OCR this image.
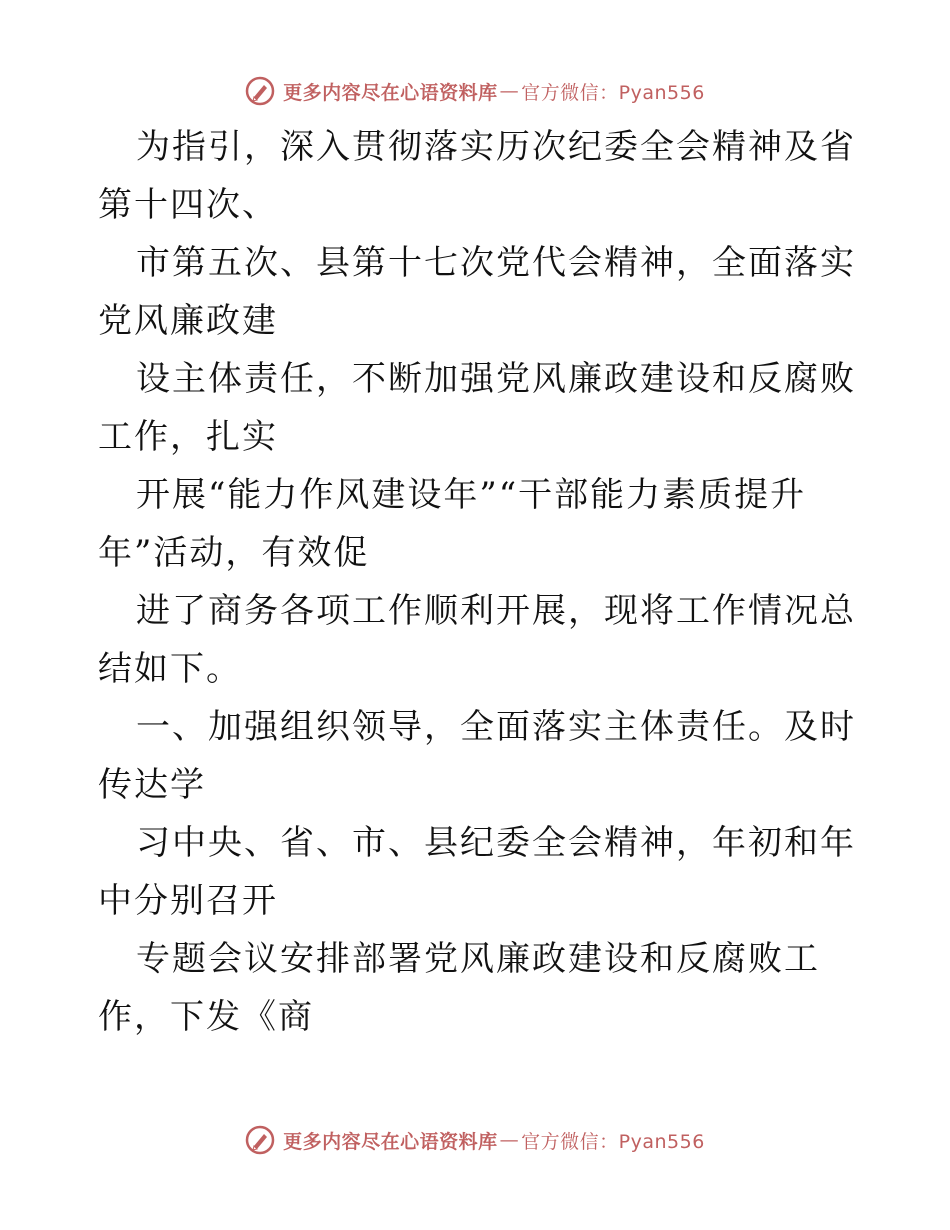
更多内容尽在心语资料库 — 官方微信：Pyan556

为指引，深入贯彻落实历次纪委全会精神及省第十四次、

市第五次、县第十七次党代会精神，全面落实党风廉政建

设主体责任，不断加强党风廉政建设和反腐败工作，扎实

开展“能力作风建设年”“干部能力素质提升年”活动，有效促

进了商务各项工作顺利开展，现将工作情况总结如下。

一、加强组织领导，全面落实主体责任。及时传达学

习中央、省、市、县纪委全会精神，年初和年中分别召开

专题会议安排部署党风廉政建设和反腐败工作，下发《商

更多内容尽在心语资料库 — 官方微信：Pyan556
